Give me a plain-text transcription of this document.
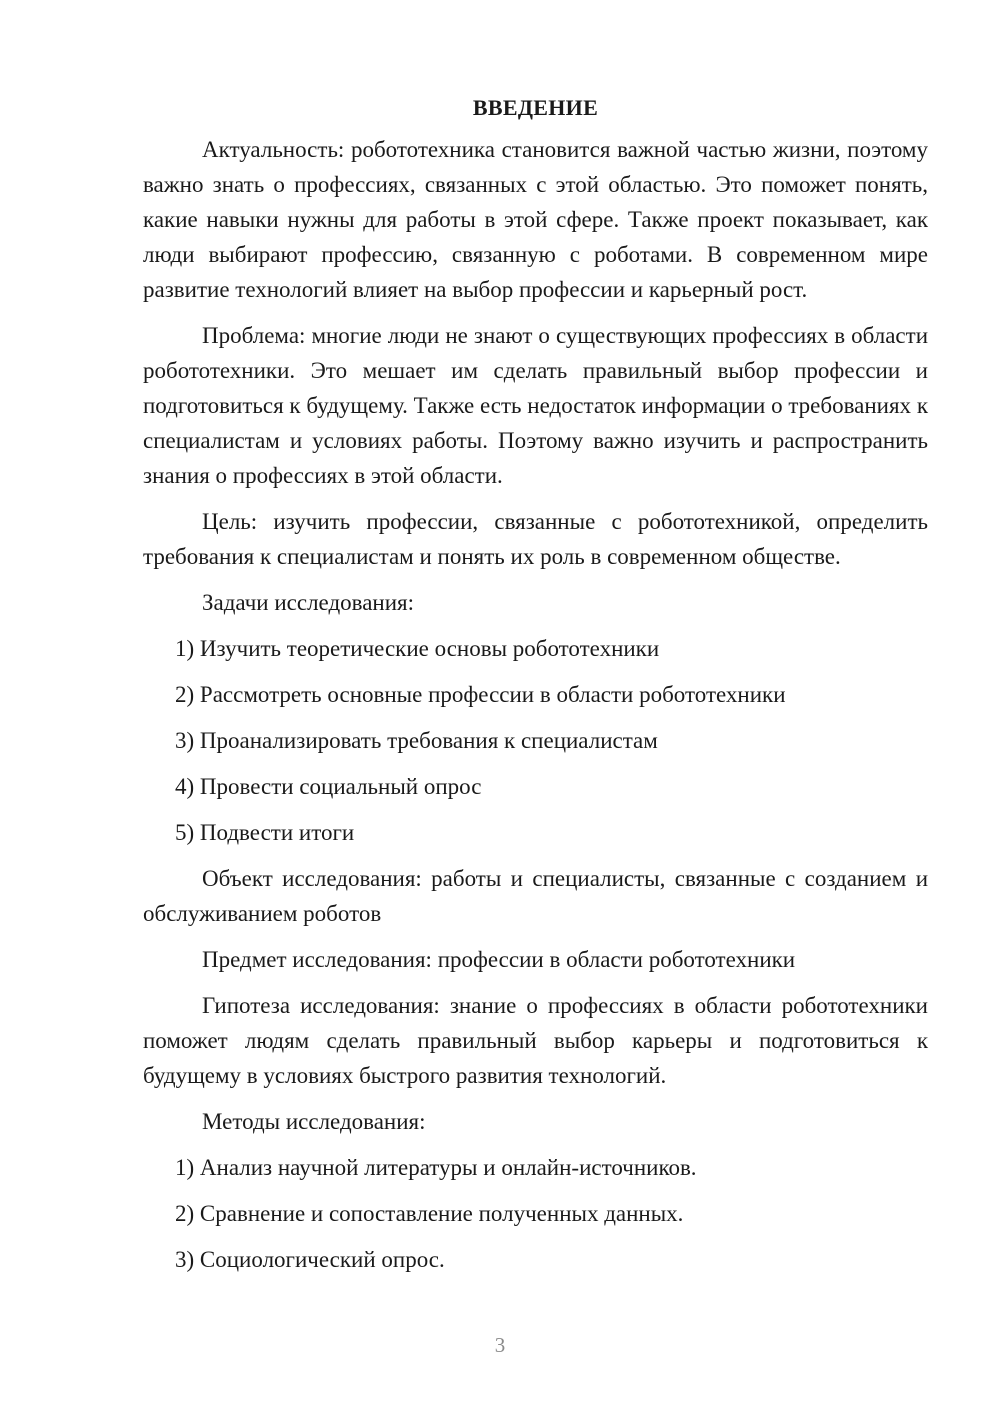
ВВЕДЕНИЕ

Актуальность: робототехника становится важной частью жизни, поэтому важно знать о профессиях, связанных с этой областью. Это поможет понять, какие навыки нужны для работы в этой сфере. Также проект показывает, как люди выбирают профессию, связанную с роботами. В современном мире развитие технологий влияет на выбор профессии и карьерный рост.

Проблема: многие люди не знают о существующих профессиях в области робототехники. Это мешает им сделать правильный выбор профессии и подготовиться к будущему. Также есть недостаток информации о требованиях к специалистам и условиях работы. Поэтому важно изучить и распространить знания о профессиях в этой области.

Цель: изучить профессии, связанные с робототехникой, определить требования к специалистам и понять их роль в современном обществе.

Задачи исследования:

1) Изучить теоретические основы робототехники

2) Рассмотреть основные профессии в области робототехники

3) Проанализировать требования к специалистам

4) Провести социальный опрос

5) Подвести итоги

Объект исследования: работы и специалисты, связанные с созданием и обслуживанием роботов

Предмет исследования: профессии в области робототехники

Гипотеза исследования: знание о профессиях в области робототехники поможет людям сделать правильный выбор карьеры и подготовиться к будущему в условиях быстрого развития технологий.

Методы исследования:

1) Анализ научной литературы и онлайн-источников.

2) Сравнение и сопоставление полученных данных.

3) Социологический опрос.

3
